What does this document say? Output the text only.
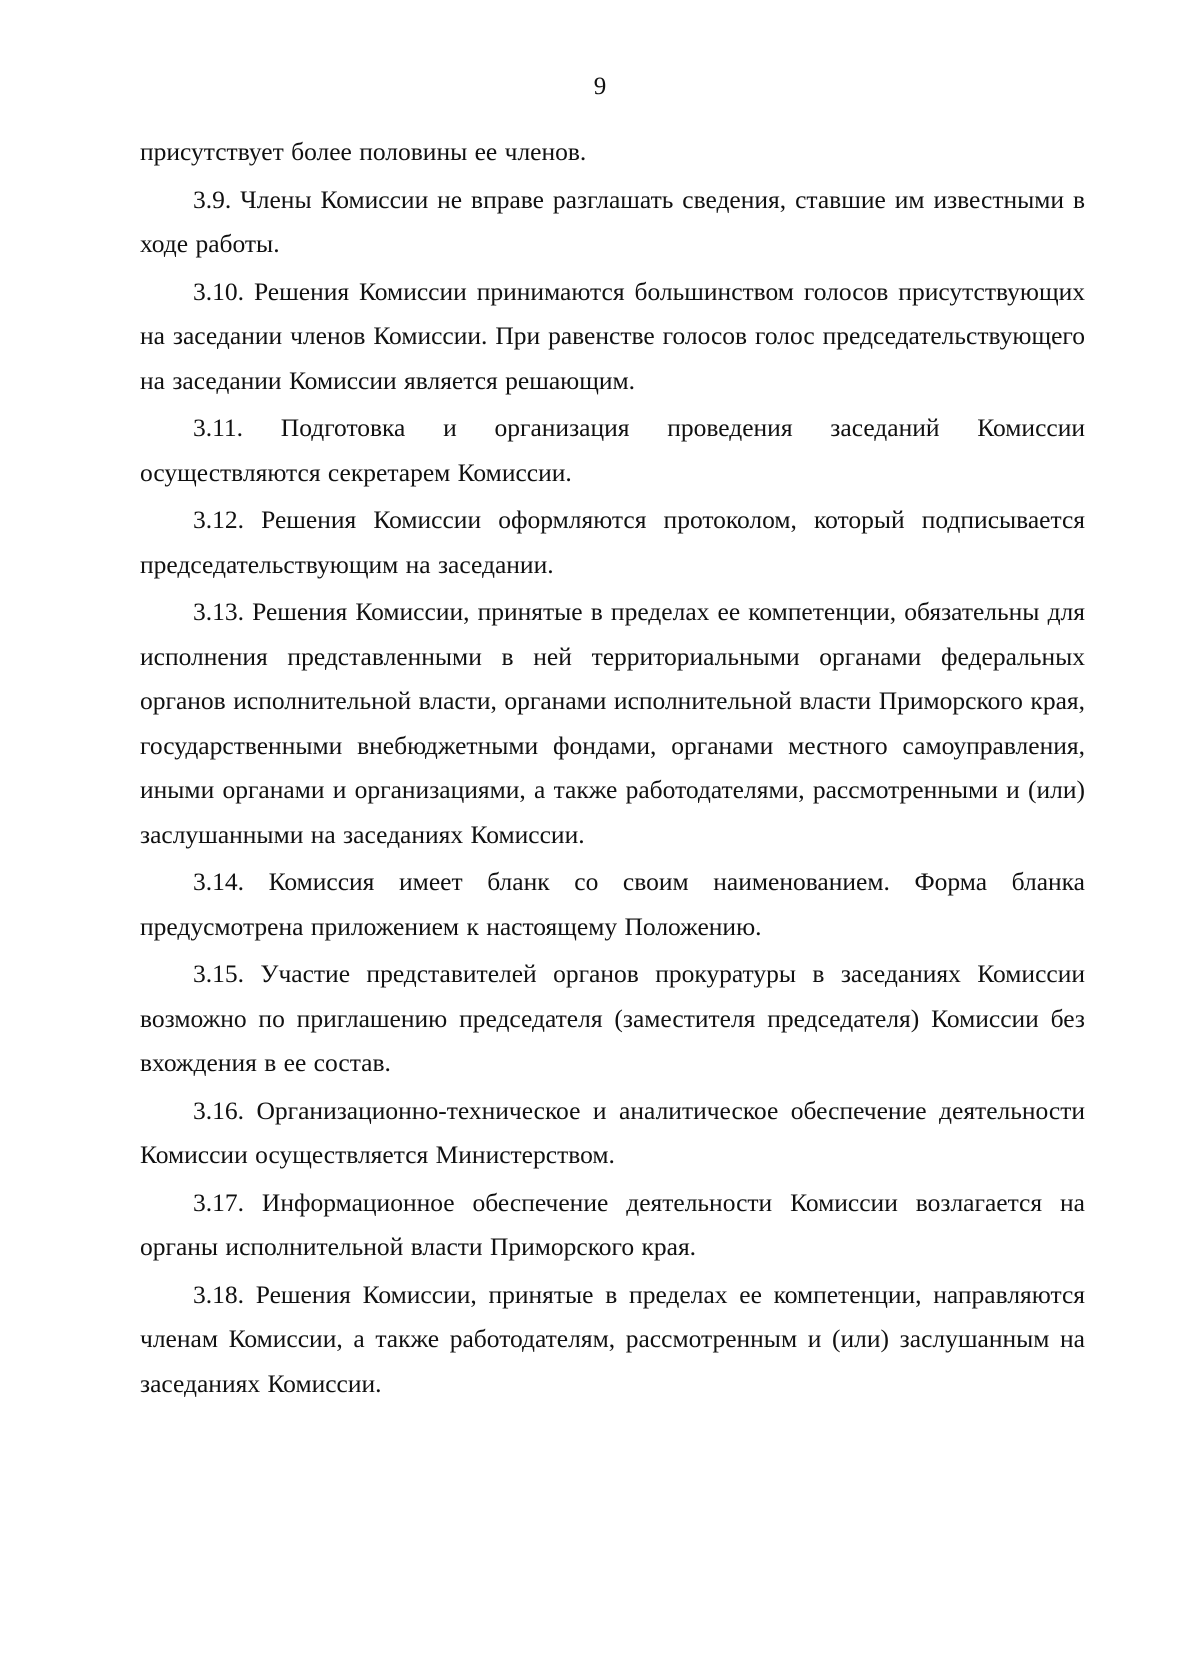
9

присутствует более половины ее членов.

3.9. Члены Комиссии не вправе разглашать сведения, ставшие им известными в ходе работы.

3.10. Решения Комиссии принимаются большинством голосов присутствующих на заседании членов Комиссии. При равенстве голосов голос председательствующего на заседании Комиссии является решающим.

3.11. Подготовка и организация проведения заседаний Комиссии осуществляются секретарем Комиссии.

3.12. Решения Комиссии оформляются протоколом, который подписывается председательствующим на заседании.

3.13. Решения Комиссии, принятые в пределах ее компетенции, обязательны для исполнения представленными в ней территориальными органами федеральных органов исполнительной власти, органами исполнительной власти Приморского края, государственными внебюджетными фондами, органами местного самоуправления, иными органами и организациями, а также работодателями, рассмотренными и (или) заслушанными на заседаниях Комиссии.

3.14. Комиссия имеет бланк со своим наименованием. Форма бланка предусмотрена приложением к настоящему Положению.

3.15. Участие представителей органов прокуратуры в заседаниях Комиссии возможно по приглашению председателя (заместителя председателя) Комиссии без вхождения в ее состав.

3.16. Организационно-техническое и аналитическое обеспечение деятельности Комиссии осуществляется Министерством.

3.17. Информационное обеспечение деятельности Комиссии возлагается на органы исполнительной власти Приморского края.

3.18. Решения Комиссии, принятые в пределах ее компетенции, направляются членам Комиссии, а также работодателям, рассмотренным и (или) заслушанным на заседаниях Комиссии.
